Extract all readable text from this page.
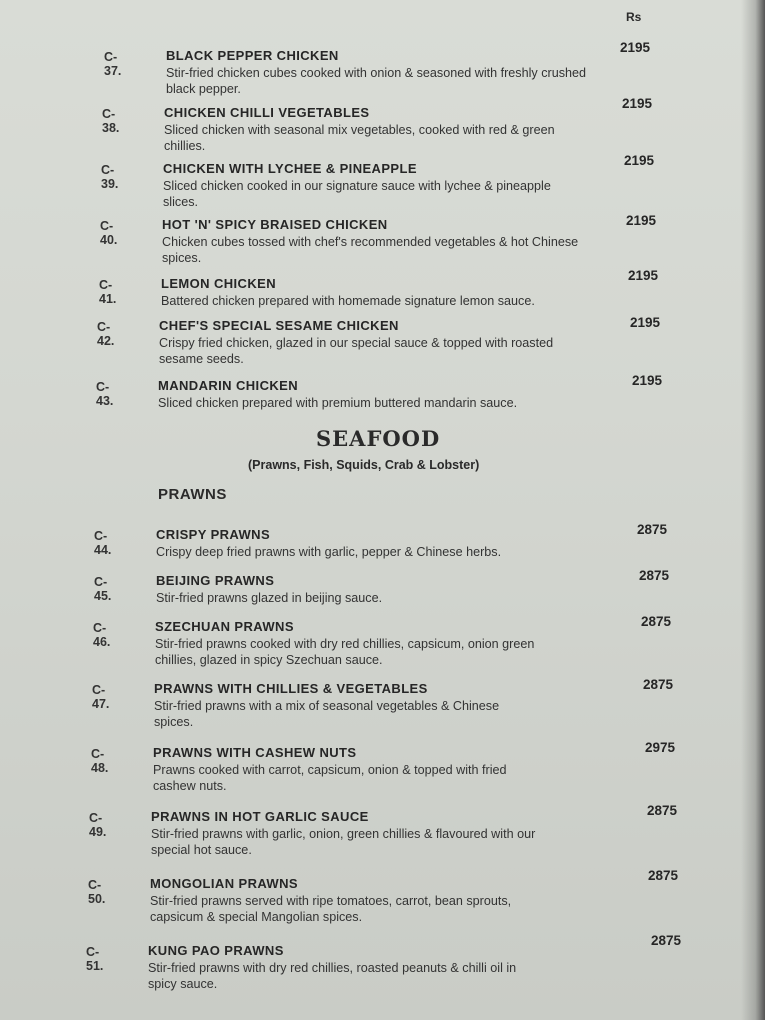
Rs
C-37.
BLACK PEPPER CHICKEN
Stir-fried chicken cubes cooked with onion & seasoned with freshly crushed black pepper.
2195
C-38.
CHICKEN CHILLI VEGETABLES
Sliced chicken with seasonal mix vegetables, cooked with red & green chillies.
2195
C-39.
CHICKEN WITH LYCHEE & PINEAPPLE
Sliced chicken cooked in our signature sauce with lychee & pineapple slices.
2195
C-40.
HOT 'N' SPICY BRAISED CHICKEN
Chicken cubes tossed with chef's recommended vegetables & hot Chinese spices.
2195
C-41.
LEMON CHICKEN
Battered chicken prepared with homemade signature lemon sauce.
2195
C-42.
CHEF'S SPECIAL SESAME CHICKEN
Crispy fried chicken, glazed in our special sauce & topped with roasted sesame seeds.
2195
C-43.
MANDARIN CHICKEN
Sliced chicken prepared with premium buttered mandarin sauce.
2195
SEAFOOD
(Prawns, Fish, Squids, Crab & Lobster)
PRAWNS
C-44.
CRISPY PRAWNS
Crispy deep fried prawns with garlic, pepper & Chinese herbs.
2875
C-45.
BEIJING PRAWNS
Stir-fried prawns glazed in beijing sauce.
2875
C-46.
SZECHUAN PRAWNS
Stir-fried prawns cooked with dry red chillies, capsicum, onion green chillies, glazed in spicy Szechuan sauce.
2875
C-47.
PRAWNS WITH CHILLIES & VEGETABLES
Stir-fried prawns with a mix of seasonal vegetables & Chinese spices.
2875
C-48.
PRAWNS WITH CASHEW NUTS
Prawns cooked with carrot, capsicum, onion & topped with fried cashew nuts.
2975
C-49.
PRAWNS IN HOT GARLIC SAUCE
Stir-fried prawns with garlic, onion, green chillies & flavoured with our special hot sauce.
2875
C-50.
MONGOLIAN PRAWNS
Stir-fried prawns served with ripe tomatoes, carrot, bean sprouts, capsicum & special Mangolian spices.
2875
C-51.
KUNG PAO PRAWNS
Stir-fried prawns with dry red chillies, roasted peanuts & chilli oil in spicy sauce.
2875
